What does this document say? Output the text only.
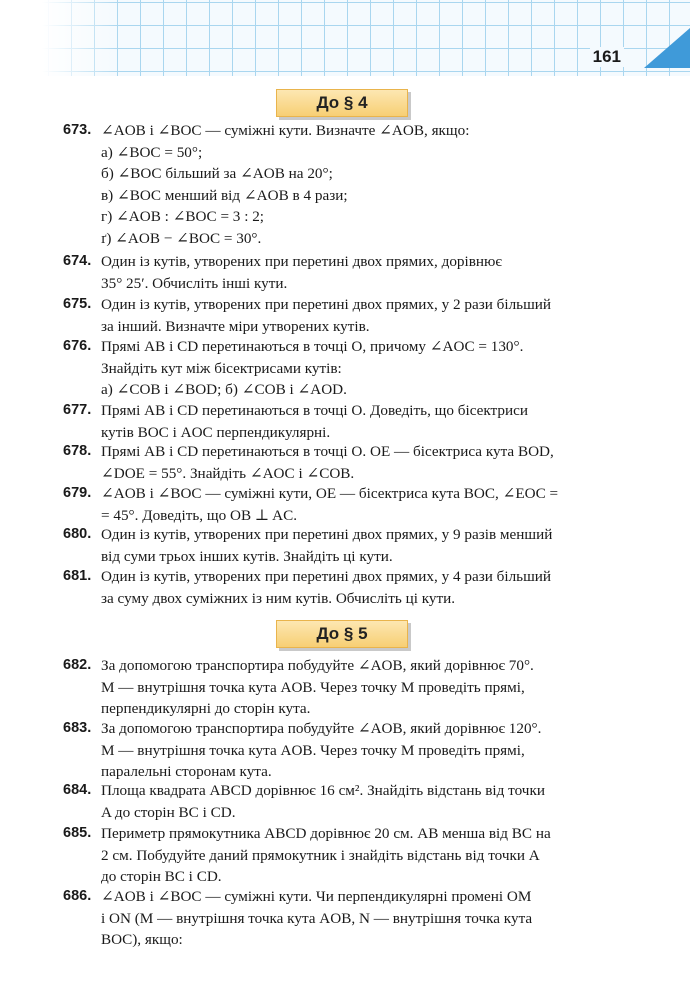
161
До § 4
673. ∠AOB і ∠BOC — суміжні кути. Визначте ∠AOB, якщо:
а) ∠BOC = 50°;
б) ∠BOC більший за ∠AOB на 20°;
в) ∠BOC менший від ∠AOB в 4 рази;
г) ∠AOB : ∠BOC = 3 : 2;
ґ) ∠AOB − ∠BOC = 30°.
674. Один із кутів, утворених при перетині двох прямих, дорівнює
35° 25′. Обчисліть інші кути.
675. Один із кутів, утворених при перетині двох прямих, у 2 рази більший
за інший. Визначте міри утворених кутів.
676. Прямі AB і CD перетинаються в точці O, причому ∠AOC = 130°.
Знайдіть кут між бісектрисами кутів:
а) ∠COB і ∠BOD; б) ∠COB і ∠AOD.
677. Прямі AB і CD перетинаються в точці O. Доведіть, що бісектриси
кутів BOC і AOC перпендикулярні.
678. Прямі AB і CD перетинаються в точці O. OE — бісектриса кута BOD,
∠DOE = 55°. Знайдіть ∠AOC і ∠COB.
679. ∠AOB і ∠BOC — суміжні кути, OE — бісектриса кута BOC, ∠EOC =
= 45°. Доведіть, що OB ⊥ AC.
680. Один із кутів, утворених при перетині двох прямих, у 9 разів менший
від суми трьох інших кутів. Знайдіть ці кути.
681. Один із кутів, утворених при перетині двох прямих, у 4 рази більший
за суму двох суміжних із ним кутів. Обчисліть ці кути.
До § 5
682. За допомогою транспортира побудуйте ∠AOB, який дорівнює 70°.
M — внутрішня точка кута AOB. Через точку M проведіть прямі,
перпендикулярні до сторін кута.
683. За допомогою транспортира побудуйте ∠AOB, який дорівнює 120°.
M — внутрішня точка кута AOB. Через точку M проведіть прямі,
паралельні сторонам кута.
684. Площа квадрата ABCD дорівнює 16 см². Знайдіть відстань від точки
A до сторін BC і CD.
685. Периметр прямокутника ABCD дорівнює 20 см. AB менша від BC на
2 см. Побудуйте даний прямокутник і знайдіть відстань від точки A
до сторін BC і CD.
686. ∠AOB і ∠BOC — суміжні кути. Чи перпендикулярні промені OM
і ON (M — внутрішня точка кута AOB, N — внутрішня точка кута
BOC), якщо:
